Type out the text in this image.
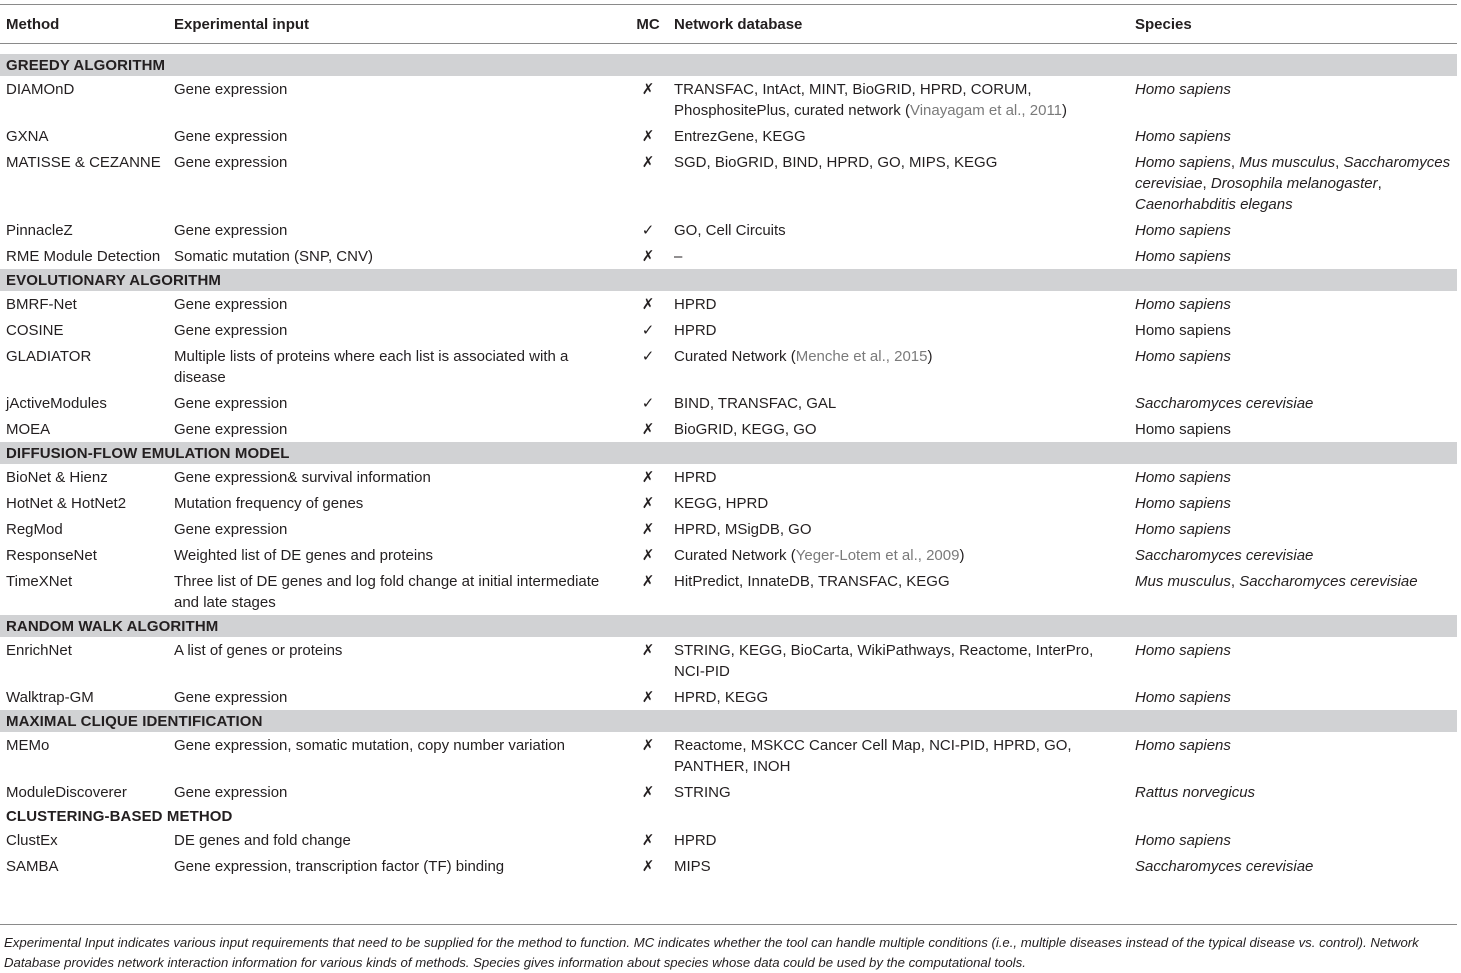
Method	Experimental input	MC	Network database	Species

GREEDY ALGORITHM				
DIAMOnD	Gene expression	✗	TRANSFAC, IntAct, MINT, BioGRID, HPRD, CORUM, PhosphositePlus, curated network (Vinayagam et al., 2011)	Homo sapiens
GXNA	Gene expression	✗	EntrezGene, KEGG	Homo sapiens
MATISSE & CEZANNE	Gene expression	✗	SGD, BioGRID, BIND, HPRD, GO, MIPS, KEGG	Homo sapiens, Mus musculus, Saccharomyces cerevisiae, Drosophila melanogaster, Caenorhabditis elegans
PinnacleZ	Gene expression	✓	GO, Cell Circuits	Homo sapiens
RME Module Detection	Somatic mutation (SNP, CNV)	✗	–	Homo sapiens
EVOLUTIONARY ALGORITHM				
BMRF-Net	Gene expression	✗	HPRD	Homo sapiens
COSINE	Gene expression	✓	HPRD	Homo sapiens
GLADIATOR	Multiple lists of proteins where each list is associated with a disease	✓	Curated Network (Menche et al., 2015)	Homo sapiens
jActiveModules	Gene expression	✓	BIND, TRANSFAC, GAL	Saccharomyces cerevisiae
MOEA	Gene expression	✗	BioGRID, KEGG, GO	Homo sapiens
DIFFUSION-FLOW EMULATION MODEL				
BioNet & Hienz	Gene expression& survival information	✗	HPRD	Homo sapiens
HotNet & HotNet2	Mutation frequency of genes	✗	KEGG, HPRD	Homo sapiens
RegMod	Gene expression	✗	HPRD, MSigDB, GO	Homo sapiens
ResponseNet	Weighted list of DE genes and proteins	✗	Curated Network (Yeger-Lotem et al., 2009)	Saccharomyces cerevisiae
TimeXNet	Three list of DE genes and log fold change at initial intermediate and late stages	✗	HitPredict, InnateDB, TRANSFAC, KEGG	Mus musculus, Saccharomyces cerevisiae
RANDOM WALK ALGORITHM				
EnrichNet	A list of genes or proteins	✗	STRING, KEGG, BioCarta, WikiPathways, Reactome, InterPro, NCI-PID	Homo sapiens
Walktrap-GM	Gene expression	✗	HPRD, KEGG	Homo sapiens
MAXIMAL CLIQUE IDENTIFICATION				
MEMo	Gene expression, somatic mutation, copy number variation	✗	Reactome, MSKCC Cancer Cell Map, NCI-PID, HPRD, GO, PANTHER, INOH	Homo sapiens
ModuleDiscoverer	Gene expression	✗	STRING	Rattus norvegicus
CLUSTERING-BASED METHOD				
ClustEx	DE genes and fold change	✗	HPRD	Homo sapiens
SAMBA	Gene expression, transcription factor (TF) binding	✗	MIPS	Saccharomyces cerevisiae
Experimental Input indicates various input requirements that need to be supplied for the method to function. MC indicates whether the tool can handle multiple conditions (i.e., multiple diseases instead of the typical disease vs. control). Network Database provides network interaction information for various kinds of methods. Species gives information about species whose data could be used by the computational tools.
